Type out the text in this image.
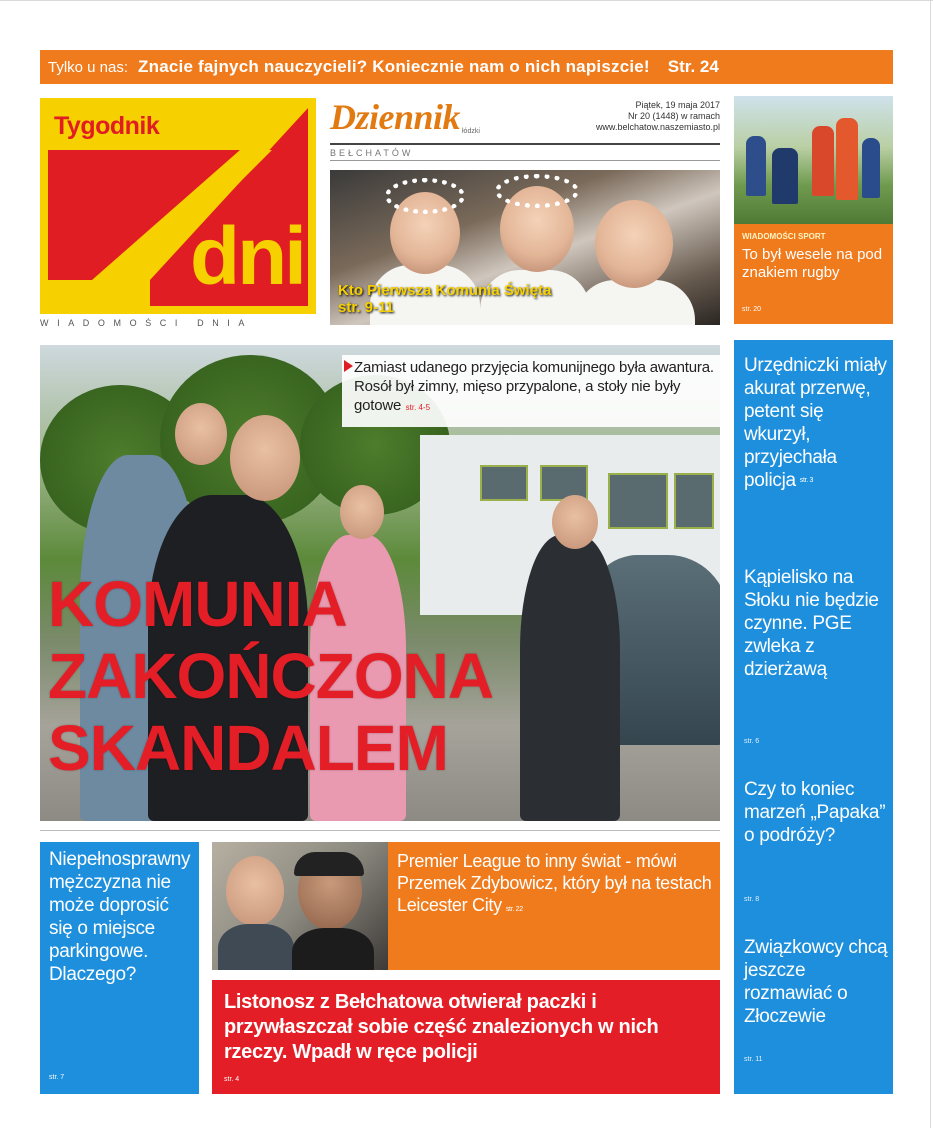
Tylko u nas: Znacie fajnych nauczycieli? Koniecznie nam o nich napiszcie! Str. 24
Tygodnik
dni
WIADOMOŚCI DNIA
Dziennik łódzki
Piątek, 19 maja 2017
Nr 20 (1448) w ramach
www.belchatow.naszemiasto.pl
BEŁCHATÓW
Kto Pierwsza Komunia Święta str. 9-11
WIADOMOŚCI SPORT
To był wesele na pod znakiem rugby
str. 20
Zamiast udanego przyjęcia komunijnego była awantura. Rosół był zimny, mięso przypalone, a stoły nie były gotowe str. 4-5
KOMUNIA
ZAKOŃCZONA
SKANDALEM
Urzędniczki miały akurat przerwę, petent się wkurzył, przyjechała policja str. 3
Kąpielisko na Słoku nie będzie czynne. PGE zwleka z dzierżawą
str. 6
Czy to koniec marzeń „Papaka” o podróży?
str. 8
Związkowcy chcą jeszcze rozmawiać o Złoczewie
str. 11
Niepełnosprawny mężczyzna nie może doprosić się o miejsce parkingowe. Dlaczego?
str. 7
Premier League to inny świat - mówi Przemek Zdybowicz, który był na testach Leicester City str. 22
Listonosz z Bełchatowa otwierał paczki i przywłaszczał sobie część znalezionych w nich rzeczy. Wpadł w ręce policji
str. 4
